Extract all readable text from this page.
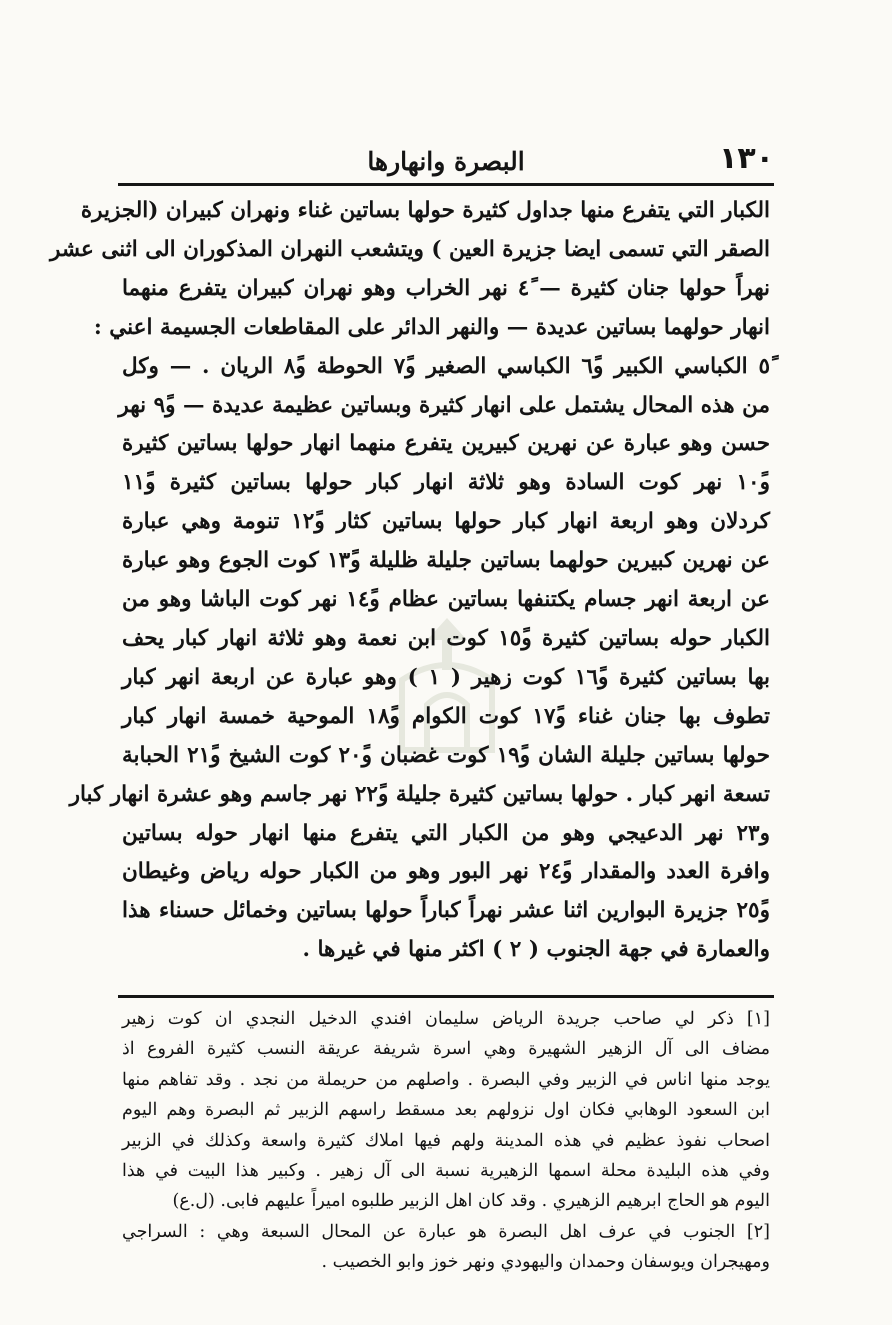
١٣٠
البصرة وانهارها
الكبار التي يتفرع منها جداول كثيرة حولها بساتين غناء ونهران كبيران (الجزيرة
الصقر التي تسمى ايضا جزيرة العين ) ويتشعب النهران المذكوران الى اثنى عشر
نهراً حولها جنان كثيرة — ٤ً نهر الخراب وهو نهران كبيران يتفرع منهما
انهار حولهما بساتين عديدة — والنهر الدائر على المقاطعات الجسيمة اعني :
٥ً الكباسي الكبير و٦ً الكباسي الصغير و٧ً الحوطة و٨ً الريان . — وكل
من هذه المحال يشتمل على انهار كثيرة وبساتين عظيمة عديدة — و٩ً نهر
حسن وهو عبارة عن نهرين كبيرين يتفرع منهما انهار حولها بساتين كثيرة
و١٠ً نهر كوت السادة وهو ثلاثة انهار كبار حولها بساتين كثيرة و١١ً
كردلان وهو اربعة انهار كبار حولها بساتين كثار و١٢ً تنومة وهي عبارة
عن نهرين كبيرين حولهما بساتين جليلة ظليلة و١٣ً كوت الجوع وهو عبارة
عن اربعة انهر جسام يكتنفها بساتين عظام و١٤ً نهر كوت الباشا وهو من
الكبار حوله بساتين كثيرة و١٥ً كوت ابن نعمة وهو ثلاثة انهار كبار يحف
بها بساتين كثيرة و١٦ً كوت زهير ( ١ ) وهو عبارة عن اربعة انهر كبار
تطوف بها جنان غناء و١٧ً كوت الكوام و١٨ً الموحية خمسة انهار كبار
حولها بساتين جليلة الشان و١٩ً كوت غضبان و٢٠ً كوت الشيخ و٢١ً الحبابة
تسعة انهر كبار . حولها بساتين كثيرة جليلة و٢٢ً نهر جاسم وهو عشرة انهار كبار
و٢٣ نهر الدعيجي وهو من الكبار التي يتفرع منها انهار حوله بساتين
وافرة العدد والمقدار و٢٤ً نهر البور وهو من الكبار حوله رياض وغيطان
و٢٥ً جزيرة البوارين اثنا عشر نهراً كباراً حولها بساتين وخمائل حسناء هذا
والعمارة في جهة الجنوب ( ٢ ) اكثر منها في غيرها .
[١] ذكر لي صاحب جريدة الرياض سليمان افندي الدخيل النجدي ان كوت زهير
مضاف الى آل الزهير الشهيرة وهي اسرة شريفة عريقة النسب كثيرة الفروع اذ
يوجد منها اناس في الزبير وفي البصرة . واصلهم من حريملة من نجد . وقد تفاهم منها
ابن السعود الوهابي فكان اول نزولهم بعد مسقط راسهم الزبير ثم البصرة وهم اليوم
اصحاب نفوذ عظيم في هذه المدينة ولهم فيها املاك كثيرة واسعة وكذلك في الزبير
وفي هذه البليدة محلة اسمها الزهيرية نسبة الى آل زهير . وكبير هذا البيت في هذا
اليوم هو الحاج ابرهيم الزهيري . وقد كان اهل الزبير طلبوه اميراً عليهم فابى. (ل.ع)
[٢] الجنوب في عرف اهل البصرة هو عبارة عن المحال السبعة وهي : السراجي
ومهيجران ويوسفان وحمدان واليهودي ونهر خوز وابو الخصيب .
